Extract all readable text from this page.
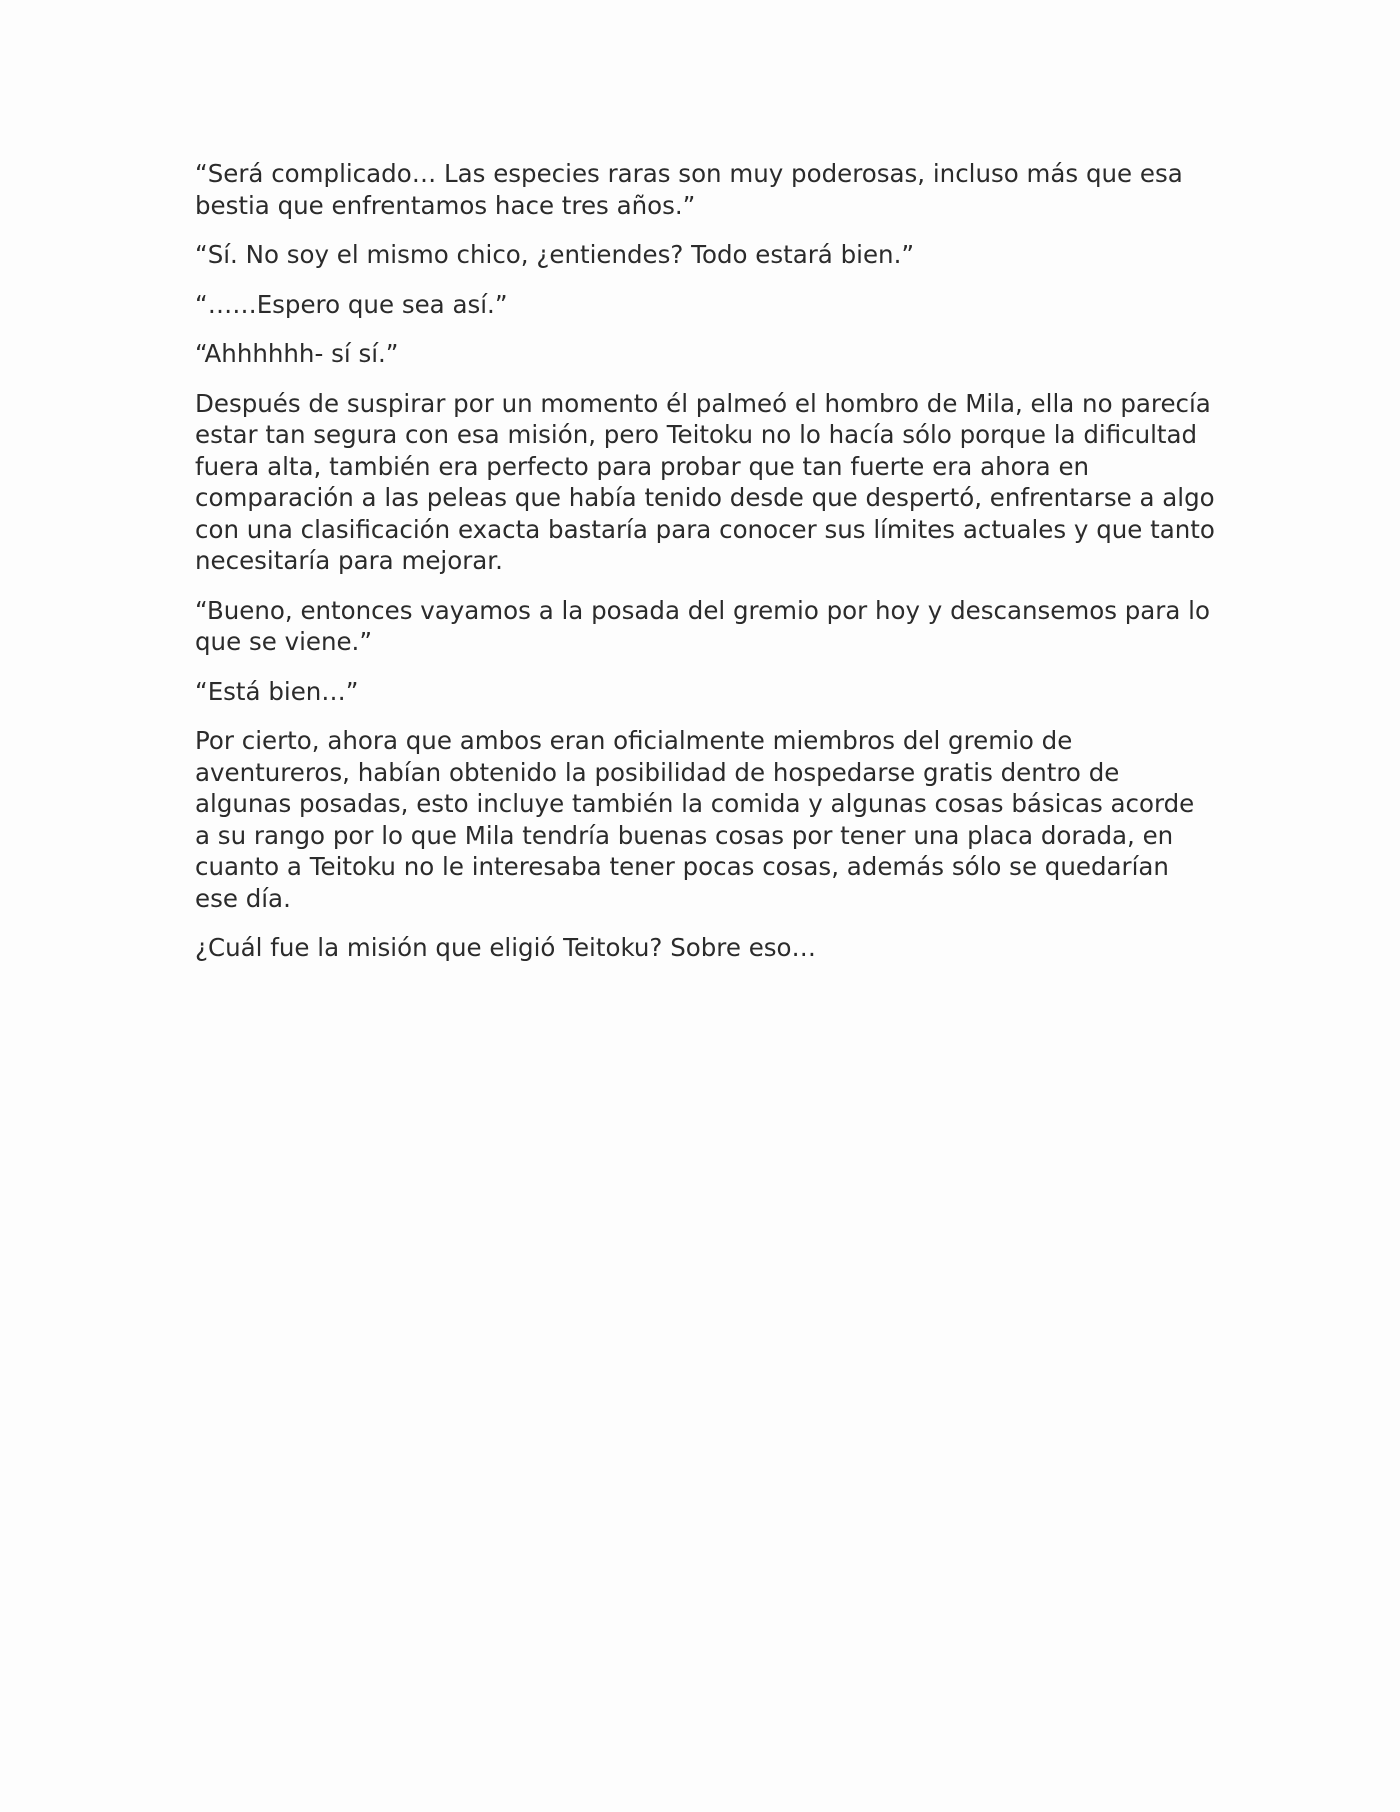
“Será complicado… Las especies raras son muy poderosas, incluso más que esa bestia que enfrentamos hace tres años.”

“Sí. No soy el mismo chico, ¿entiendes? Todo estará bien.”

“……Espero que sea así.”

“Ahhhhhh- sí sí.”

Después de suspirar por un momento él palmeó el hombro de Mila, ella no parecía estar tan segura con esa misión, pero Teitoku no lo hacía sólo porque la dificultad fuera alta, también era perfecto para probar que tan fuerte era ahora en comparación a las peleas que había tenido desde que despertó, enfrentarse a algo con una clasificación exacta bastaría para conocer sus límites actuales y que tanto necesitaría para mejorar.

“Bueno, entonces vayamos a la posada del gremio por hoy y descansemos para lo que se viene.”

“Está bien…”

Por cierto, ahora que ambos eran oficialmente miembros del gremio de aventureros, habían obtenido la posibilidad de hospedarse gratis dentro de algunas posadas, esto incluye también la comida y algunas cosas básicas acorde a su rango por lo que Mila tendría buenas cosas por tener una placa dorada, en cuanto a Teitoku no le interesaba tener pocas cosas, además sólo se quedarían ese día.

¿Cuál fue la misión que eligió Teitoku? Sobre eso…
